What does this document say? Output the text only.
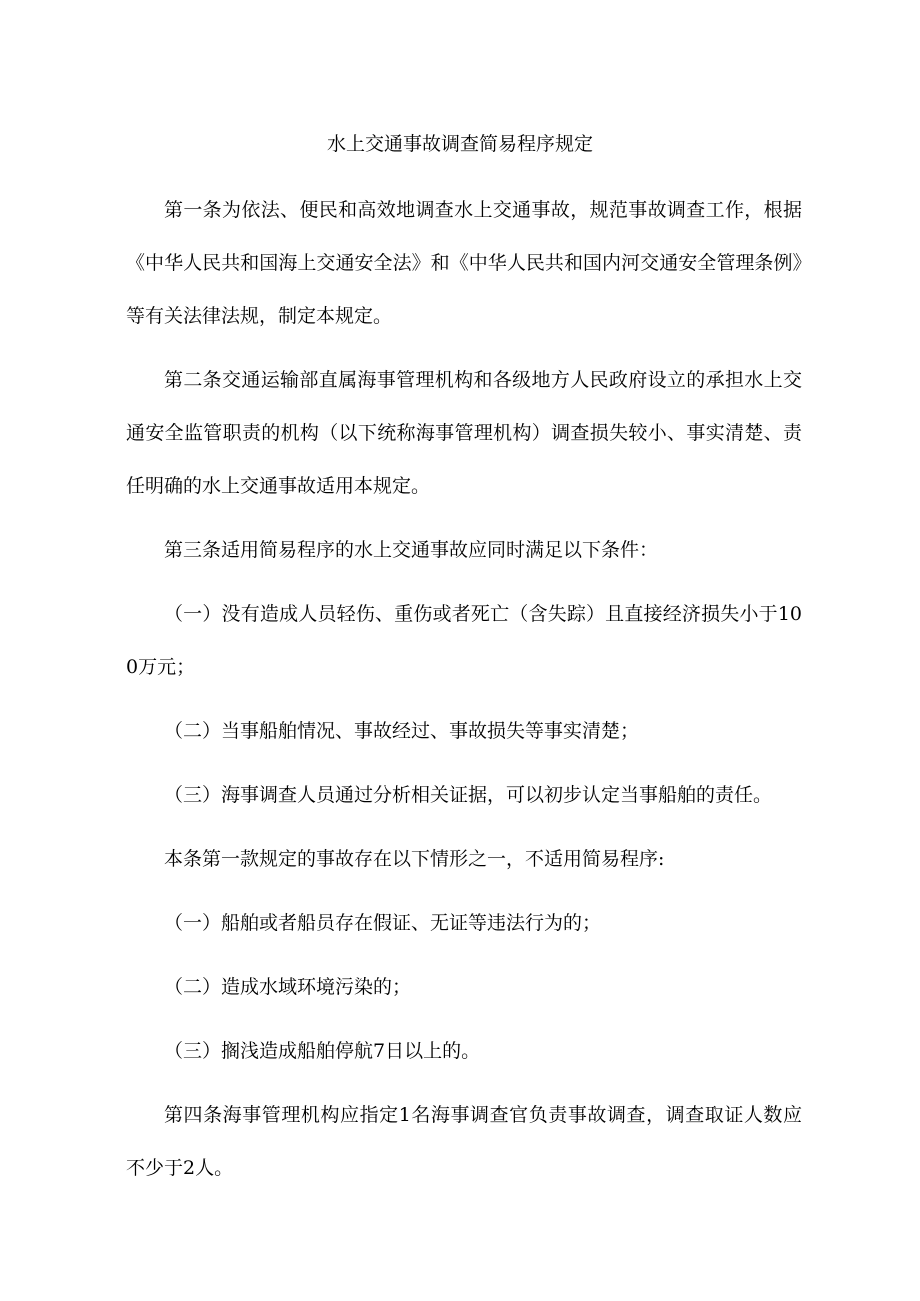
水上交通事故调查简易程序规定

第一条为依法、便民和高效地调查水上交通事故，规范事故调查工作，根据《中华人民共和国海上交通安全法》和《中华人民共和国内河交通安全管理条例》等有关法律法规，制定本规定。

第二条交通运输部直属海事管理机构和各级地方人民政府设立的承担水上交通安全监管职责的机构（以下统称海事管理机构）调查损失较小、事实清楚、责任明确的水上交通事故适用本规定。

第三条适用简易程序的水上交通事故应同时满足以下条件：

（一）没有造成人员轻伤、重伤或者死亡（含失踪）且直接经济损失小于100万元；

（二）当事船舶情况、事故经过、事故损失等事实清楚；

（三）海事调查人员通过分析相关证据，可以初步认定当事船舶的责任。

本条第一款规定的事故存在以下情形之一，不适用简易程序:

（一）船舶或者船员存在假证、无证等违法行为的；

（二）造成水域环境污染的；

（三）搁浅造成船舶停航7日以上的。

第四条海事管理机构应指定1名海事调查官负责事故调查，调查取证人数应不少于2人。
